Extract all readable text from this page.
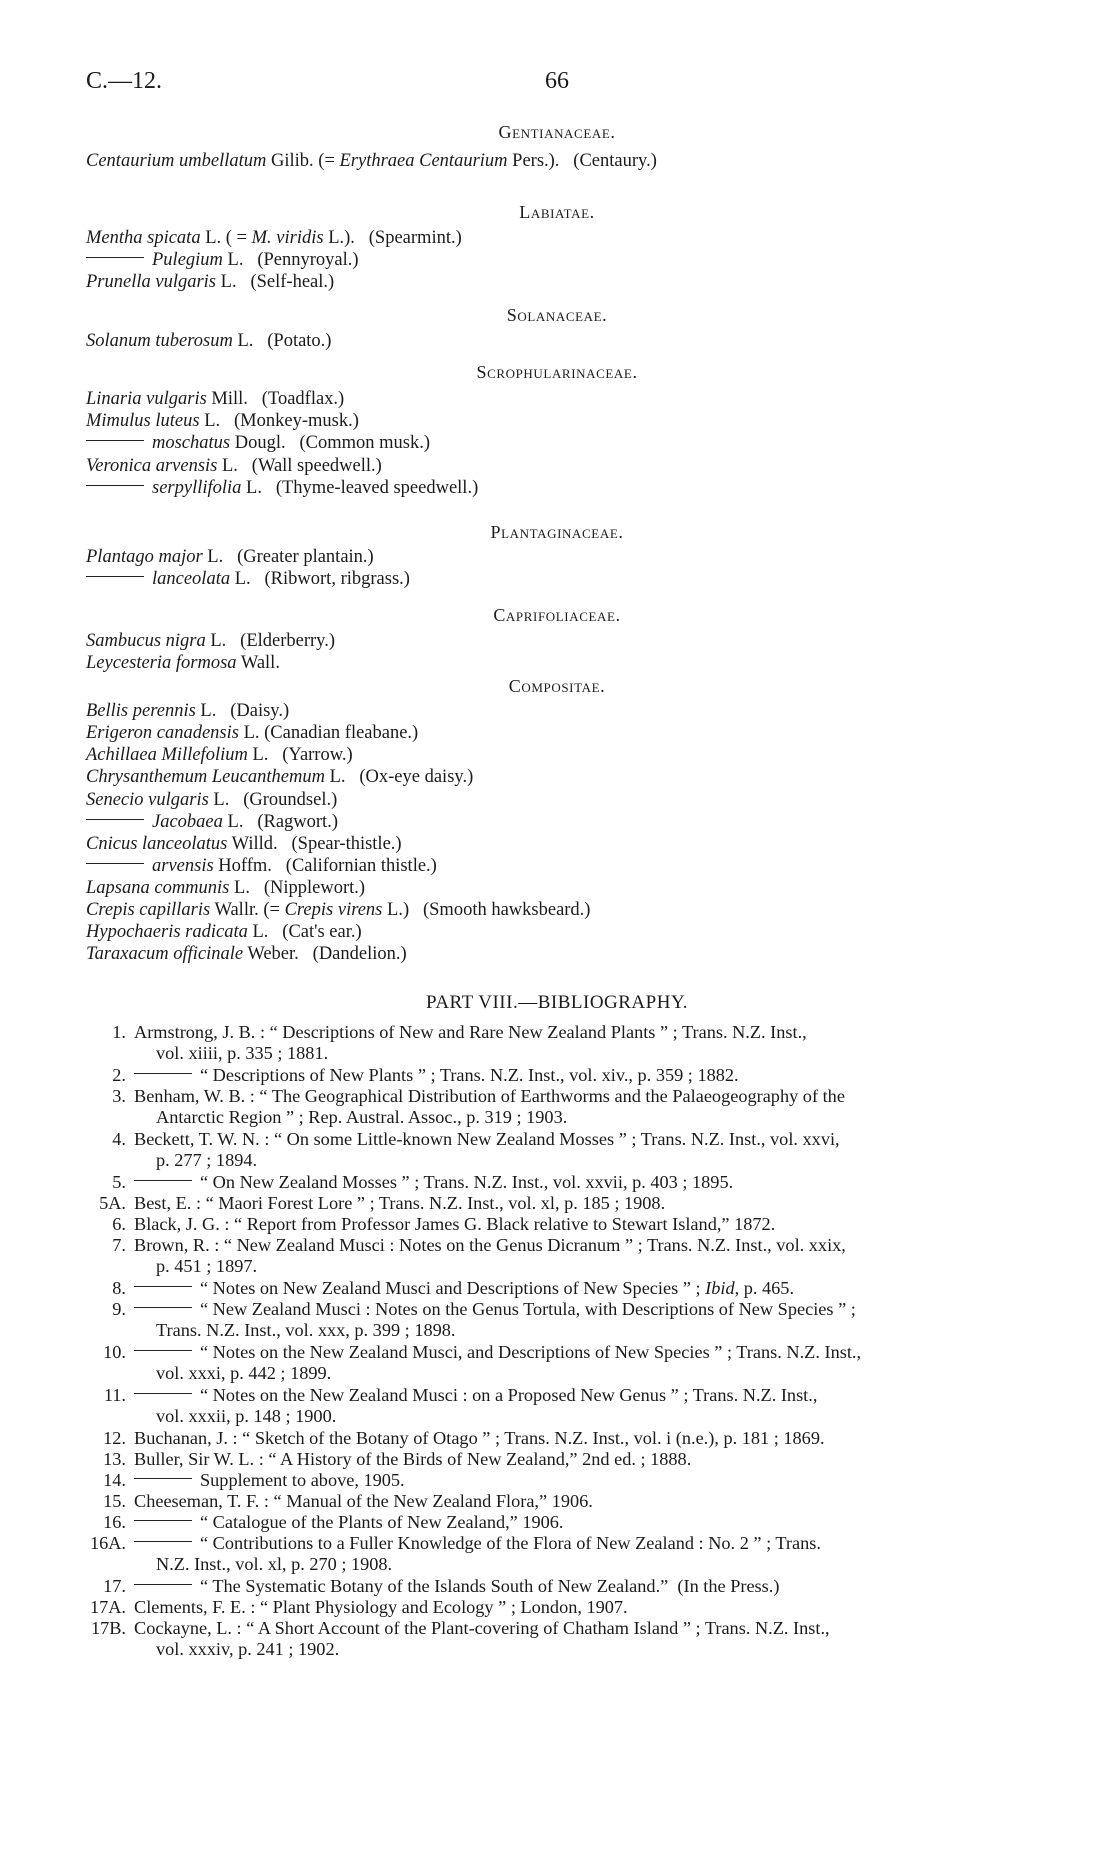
C.—12.	66
Gentianaceae.
Centaurium umbellatum Gilib. (= Erythraea Centaurium Pers.).   (Centaury.)
Labiatae.
Mentha spicata L. ( = M. viridis L.).   (Spearmint.)
Pulegium L.   (Pennyroyal.)
Prunella vulgaris L.   (Self-heal.)
Solanaceae.
Solanum tuberosum L.   (Potato.)
Scrophularinaceae.
Linaria vulgaris Mill.   (Toadflax.)
Mimulus luteus L.   (Monkey-musk.)
moschatus Dougl.   (Common musk.)
Veronica arvensis L.   (Wall speedwell.)
serpyllifolia L.   (Thyme-leaved speedwell.)
Plantaginaceae.
Plantago major L.   (Greater plantain.)
lanceolata L.   (Ribwort, ribgrass.)
Caprifoliaceae.
Sambucus nigra L.   (Elderberry.)
Leycesteria formosa Wall.
Compositae.
Bellis perennis L.   (Daisy.)
Erigeron canadensis L. (Canadian fleabane.)
Achillaea Millefolium L.   (Yarrow.)
Chrysanthemum Leucanthemum L.   (Ox-eye daisy.)
Senecio vulgaris L.   (Groundsel.)
Jacobaea L.   (Ragwort.)
Cnicus lanceolatus Willd.   (Spear-thistle.)
arvensis Hoffm.   (Californian thistle.)
Lapsana communis L.   (Nipplewort.)
Crepis capillaris Wallr. (= Crepis virens L.)   (Smooth hawksbeard.)
Hypochaeris radicata L.   (Cat's ear.)
Taraxacum officinale Weber.   (Dandelion.)
PART VIII.—BIBLIOGRAPHY.
1. Armstrong, J. B. : “ Descriptions of New and Rare New Zealand Plants ” ; Trans. N.Z. Inst.,
vol. xiiii, p. 335 ; 1881.
2.	“ Descriptions of New Plants ” ; Trans. N.Z. Inst., vol. xiv., p. 359 ; 1882.
3. Benham, W. B. : “ The Geographical Distribution of Earthworms and the Palaeogeography of the
Antarctic Region ” ; Rep. Austral. Assoc., p. 319 ; 1903.
4. Beckett, T. W. N. : “ On some Little-known New Zealand Mosses ” ; Trans. N.Z. Inst., vol. xxvi,
p. 277 ; 1894.
5.	“ On New Zealand Mosses ” ; Trans. N.Z. Inst., vol. xxvii, p. 403 ; 1895.
5A. Best, E. : “ Maori Forest Lore ” ; Trans. N.Z. Inst., vol. xl, p. 185 ; 1908.
6. Black, J. G. : “ Report from Professor James G. Black relative to Stewart Island,” 1872.
7. Brown, R. : “ New Zealand Musci : Notes on the Genus Dicranum ” ; Trans. N.Z. Inst., vol. xxix,
p. 451 ; 1897.
8.	“ Notes on New Zealand Musci and Descriptions of New Species ” ; Ibid, p. 465.
9.	“ New Zealand Musci : Notes on the Genus Tortula, with Descriptions of New Species ” ;
Trans. N.Z. Inst., vol. xxx, p. 399 ; 1898.
10.	“ Notes on the New Zealand Musci, and Descriptions of New Species ” ; Trans. N.Z. Inst.,
vol. xxxi, p. 442 ; 1899.
11.	“ Notes on the New Zealand Musci : on a Proposed New Genus ” ; Trans. N.Z. Inst.,
vol. xxxii, p. 148 ; 1900.
12. Buchanan, J. : “ Sketch of the Botany of Otago ” ; Trans. N.Z. Inst., vol. i (n.e.), p. 181 ; 1869.
13. Buller, Sir W. L. : “ A History of the Birds of New Zealand,” 2nd ed. ; 1888.
14.	Supplement to above, 1905.
15. Cheeseman, T. F. : “ Manual of the New Zealand Flora,” 1906.
16.	“ Catalogue of the Plants of New Zealand,” 1906.
16A.	“ Contributions to a Fuller Knowledge of the Flora of New Zealand : No. 2 ” ; Trans.
N.Z. Inst., vol. xl, p. 270 ; 1908.
17.	“ The Systematic Botany of the Islands South of New Zealand.”  (In the Press.)
17A. Clements, F. E. : “ Plant Physiology and Ecology ” ; London, 1907.
17B. Cockayne, L. : “ A Short Account of the Plant-covering of Chatham Island ” ; Trans. N.Z. Inst.,
vol. xxxiv, p. 241 ; 1902.
